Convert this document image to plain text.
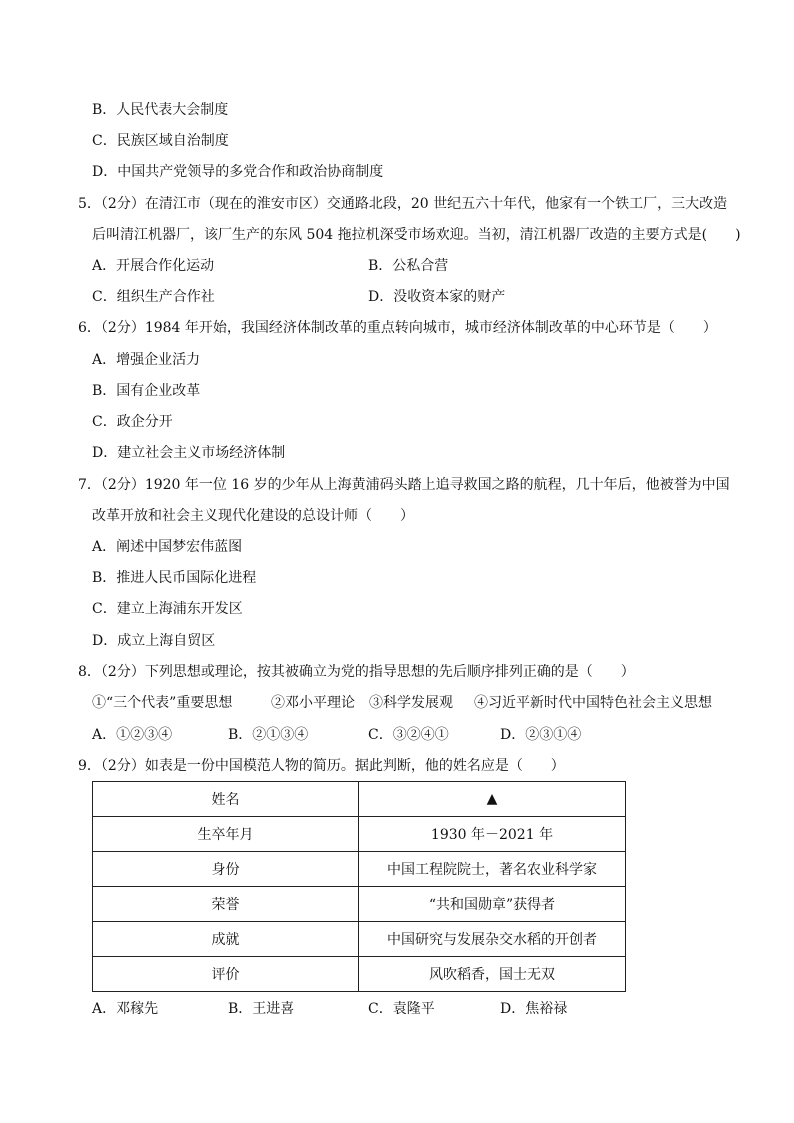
B．人民代表大会制度
C．民族区域自治制度
D．中国共产党领导的多党合作和政治协商制度
5．（2分）在清江市（现在的淮安市区）交通路北段，20 世纪五六十年代，他家有一个铁工厂，三大改造
后叫清江机器厂，该厂生产的东风 504 拖拉机深受市场欢迎。当初，清江机器厂改造的主要方式是(　　)
A．开展合作化运动	B．公私合营
C．组织生产合作社	D．没收资本家的财产
6．（2分）1984 年开始，我国经济体制改革的重点转向城市，城市经济体制改革的中心环节是（　　）
A．增强企业活力
B．国有企业改革
C．政企分开
D．建立社会主义市场经济体制
7．（2分）1920 年一位 16 岁的少年从上海黄浦码头踏上追寻救国之路的航程，几十年后，他被誉为中国
改革开放和社会主义现代化建设的总设计师（　　）
A．阐述中国梦宏伟蓝图
B．推进人民币国际化进程
C．建立上海浦东开发区
D．成立上海自贸区
8．（2分）下列思想或理论，按其被确立为党的指导思想的先后顺序排列正确的是（　　）
①“三个代表”重要思想	②邓小平理论 ③科学发展观 ④习近平新时代中国特色社会主义思想
A．①②③④	B．②①③④	C．③②④①	D．②③①④
9．（2分）如表是一份中国模范人物的简历。据此判断，他的姓名应是（　　）
姓名	▲
生卒年月	1930 年－2021 年
身份	中国工程院院士，著名农业科学家
荣誉	“共和国勋章”获得者
成就	中国研究与发展杂交水稻的开创者
评价	风吹稻香，国士无双
A．邓稼先	B．王进喜	C．袁隆平	D．焦裕禄
